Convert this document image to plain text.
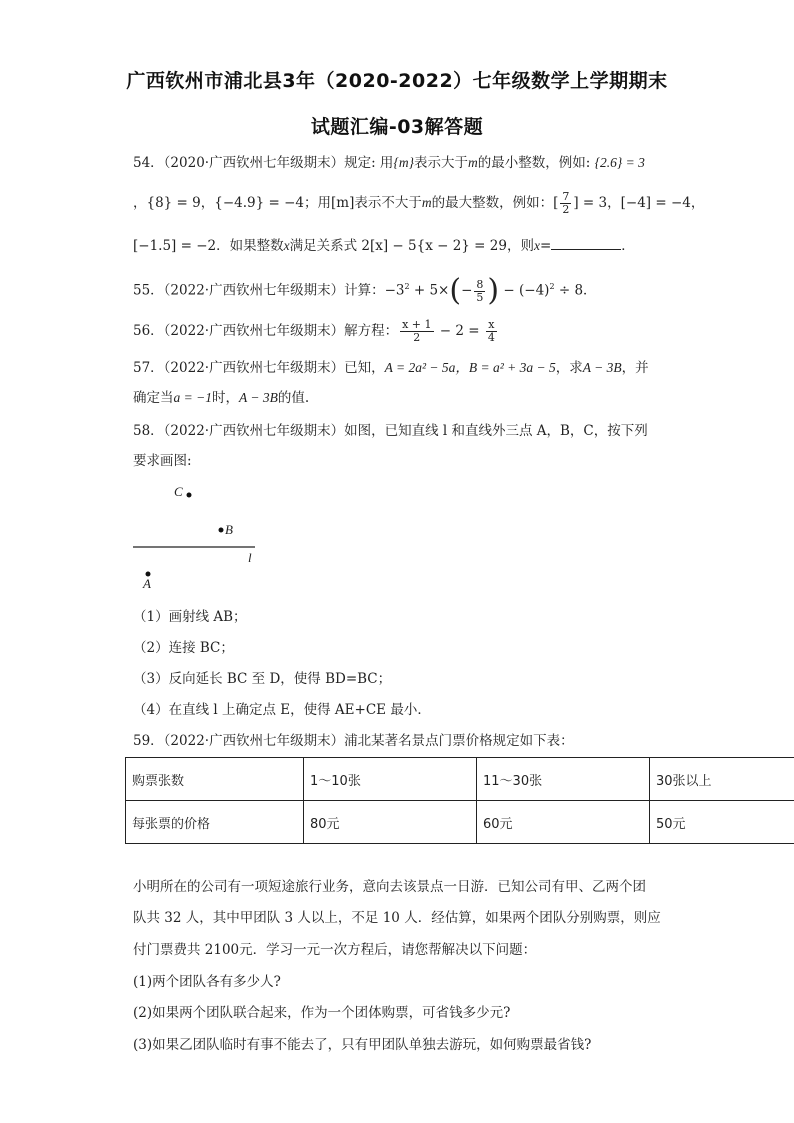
广西钦州市浦北县3年（2020-2022）七年级数学上学期期末
试题汇编-03解答题
54．（2020·广西钦州七年级期末）规定: 用{m}表示大于m的最小整数，例如: {2.6} = 3
，{8} = 9，{−4.9} = −4；用[m]表示不大于m的最大整数，例如：[ $\frac{7}{2}$ ] = 3，[−4] = −4，
[−1.5] = −2．如果整数x满足关系式 2[x] − 5{x − 2} = 29，则x=	．
55．（2022·广西钦州七年级期末）计算：$-3^2 + 5\times(- \frac{8}{5}$ ) − $(-4)^2 \div 8$．
56．（2022·广西钦州七年级期末）解方程： $\frac{x + 1}{2} - 2 = \frac{x}{4}$
57．（2022·广西钦州七年级期末）已知，A = 2a² − 5a，B = a² + 3a − 5，求A − 3B，并
确定当a = −1时，A − 3B的值.
58．（2022·广西钦州七年级期末）如图，已知直线 l 和直线外三点 A，B，C，按下列
要求画图:
C
B
l
A
（1）画射线 AB；
（2）连接 BC；
（3）反向延长 BC 至 D，使得 BD=BC；
（4）在直线 l 上确定点 E，使得 AE+CE 最小．
59．（2022·广西钦州七年级期末）浦北某著名景点门票价格规定如下表：
购票张数	1～10张	11～30张	30张以上
每张票的价格	80元	60元	50元
小明所在的公司有一项短途旅行业务，意向去该景点一日游．已知公司有甲、乙两个团
队共 32 人，其中甲团队 3 人以上，不足 10 人．经估算，如果两个团队分别购票，则应
付门票费共 2100元．学习一元一次方程后，请您帮解决以下问题：
(1)两个团队各有多少人?
(2)如果两个团队联合起来，作为一个团体购票，可省钱多少元?
(3)如果乙团队临时有事不能去了，只有甲团队单独去游玩，如何购票最省钱?
